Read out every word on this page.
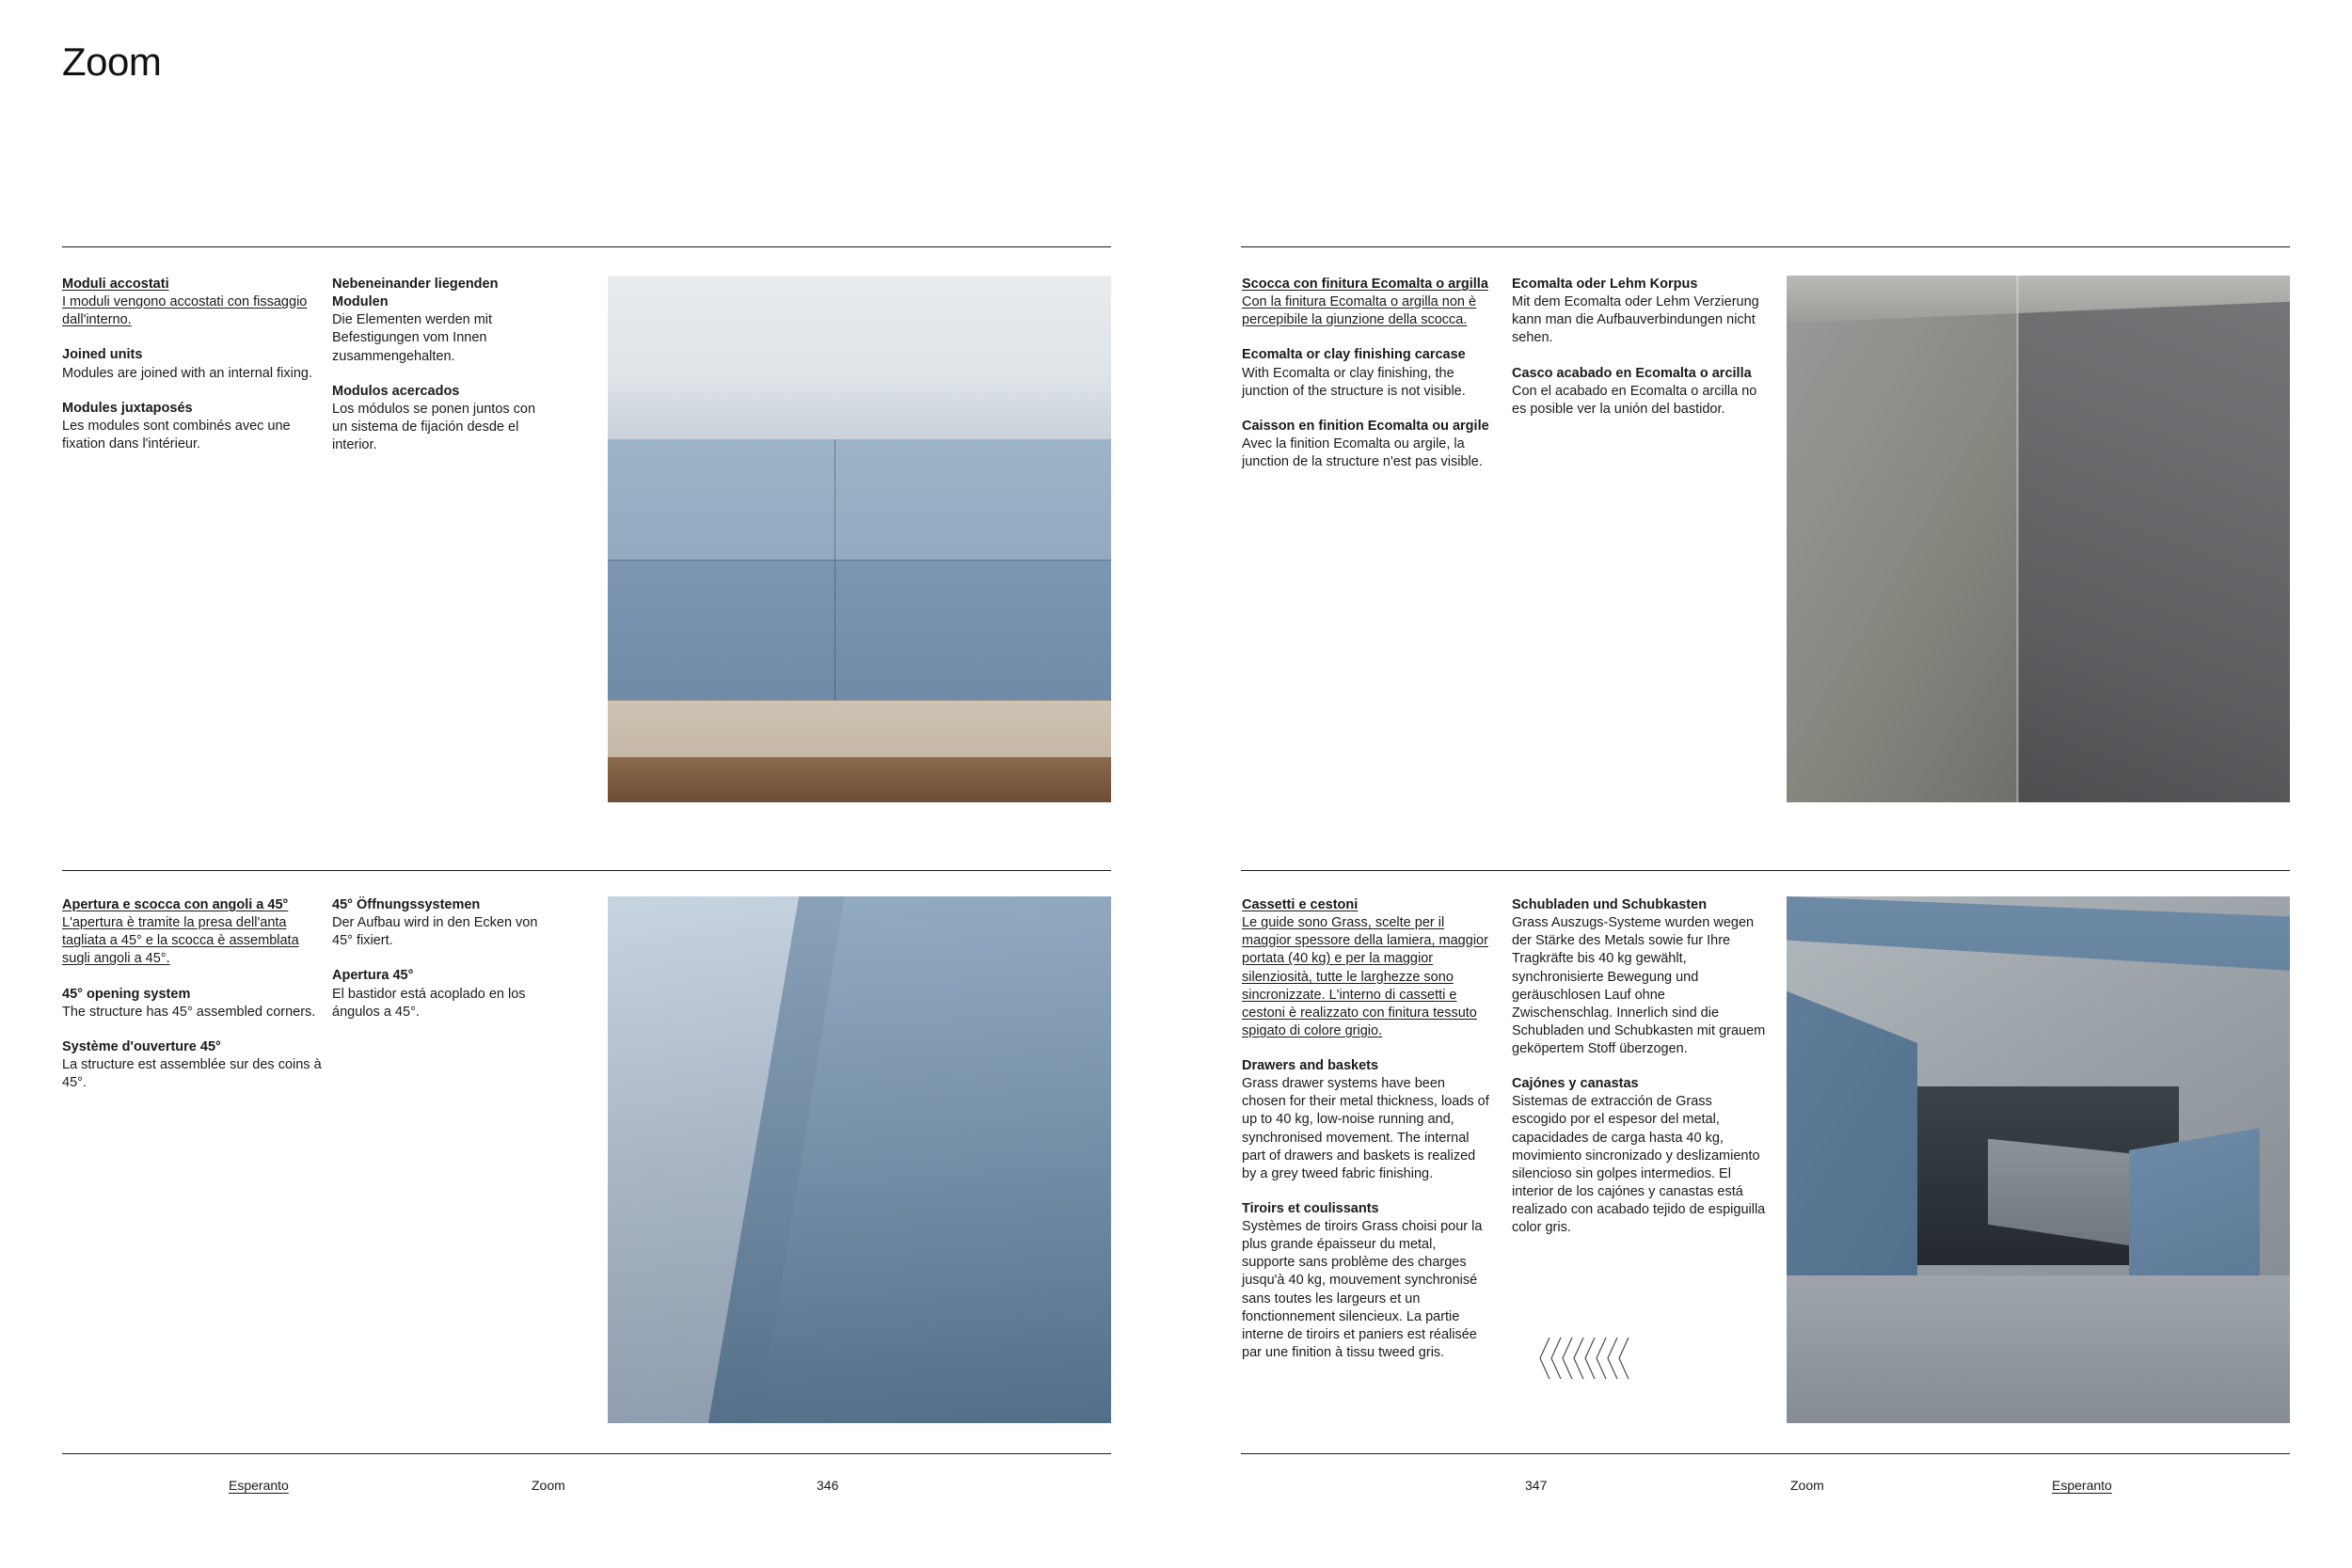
Zoom
Moduli accostati
I moduli vengono accostati con fissaggio dall'interno.
Joined units
Modules are joined with an internal fixing.
Modules juxtaposés
Les modules sont combinés avec une fixation dans l'intérieur.
Nebeneinander liegenden Modulen
Die Elementen werden mit Befestigungen vom Innen zusammengehalten.
Modulos acercados
Los módulos se ponen juntos con un sistema de fijación desde el interior.
Apertura e scocca con angoli a 45°
L'apertura è tramite la presa dell'anta tagliata a 45° e la scocca è assemblata sugli angoli a 45°.
45° opening system
The structure has 45° assembled corners.
Système d'ouverture 45°
La structure est assemblée sur des coins à 45°.
45° Öffnungssystemen
Der Aufbau wird in den Ecken von 45° fixiert.
Apertura 45°
El bastidor está acoplado en los ángulos a 45°.
Esperanto	Zoom	346
Scocca con finitura Ecomalta o argilla
Con la finitura Ecomalta o argilla non è percepibile la giunzione della scocca.
Ecomalta or clay finishing carcase
With Ecomalta or clay finishing, the junction of the structure is not visible.
Caisson en finition Ecomalta ou argile
Avec la finition Ecomalta ou argile, la junction de la structure n'est pas visible.
Ecomalta oder Lehm Korpus
Mit dem Ecomalta oder Lehm Verzierung kann man die Aufbauverbindungen nicht sehen.
Casco acabado en Ecomalta o arcilla
Con el acabado en Ecomalta o arcilla no es posible ver la unión del bastidor.
Cassetti e cestoni
Le guide sono Grass, scelte per il maggior spessore della lamiera, maggior portata (40 kg) e per la maggior silenziosità, tutte le larghezze sono sincronizzate. L'interno di cassetti e cestoni è realizzato con finitura tessuto spigato di colore grigio.
Drawers and baskets
Grass drawer systems have been chosen for their metal thickness, loads of up to 40 kg, low-noise running and, synchronised movement. The internal part of drawers and baskets is realized by a grey tweed fabric finishing.
Tiroirs et coulissants
Systèmes de tiroirs Grass choisi pour la plus grande épaisseur du metal, supporte sans problème des charges jusqu'à 40 kg, mouvement synchronisé sans toutes les largeurs et un fonctionnement silencieux. La partie interne de tiroirs et paniers est réalisée par une finition à tissu tweed gris.
Schubladen und Schubkasten
Grass Auszugs-Systeme wurden wegen der Stärke des Metals sowie fur Ihre Tragkräfte bis 40 kg gewählt, synchronisierte Bewegung und geräuschlosen Lauf ohne Zwischenschlag. Innerlich sind die Schubladen und Schubkasten mit grauem geköpertem Stoff überzogen.
Cajónes y canastas
Sistemas de extracción de Grass escogido por el espesor del metal, capacidades de carga hasta 40 kg, movimiento sincronizado y deslizamiento silencioso sin golpes intermedios. El interior de los cajónes y canastas está realizado con acabado tejido de espiguilla color gris.
347	Zoom	Esperanto
